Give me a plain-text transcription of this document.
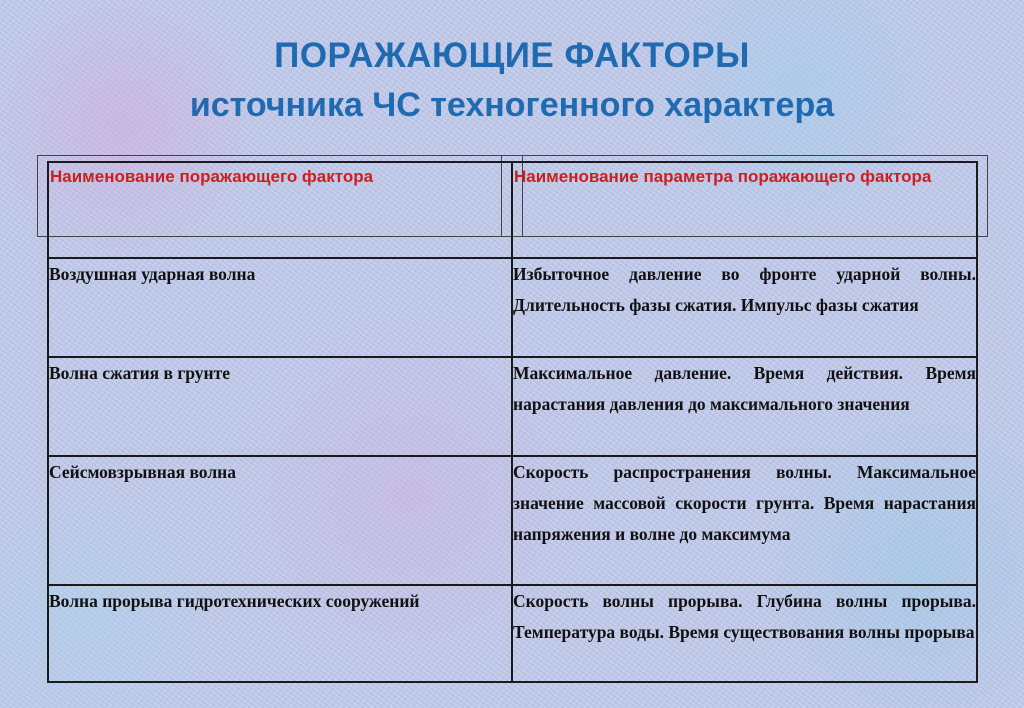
ПОРАЖАЮЩИЕ ФАКТОРЫ
источника ЧС техногенного характера
Наименование поражающего фактора	Наименование параметра поражающего фактора

Воздушная ударная волна	Избыточное давление во фронте ударной волны. Длительность фазы сжатия. Импульс фазы сжатия

Волна сжатия в грунте	Максимальное давление. Время действия. Время нарастания давления до максимального значения

Сейсмовзрывная волна	Скорость распространения волны. Максимальное значение массовой скорости грунта. Время нарастания напряжения и волне до максимума

Волна прорыва гидротехнических сооружений	Скорость волны прорыва. Глубина волны прорыва. Температура воды. Время существования волны прорыва
